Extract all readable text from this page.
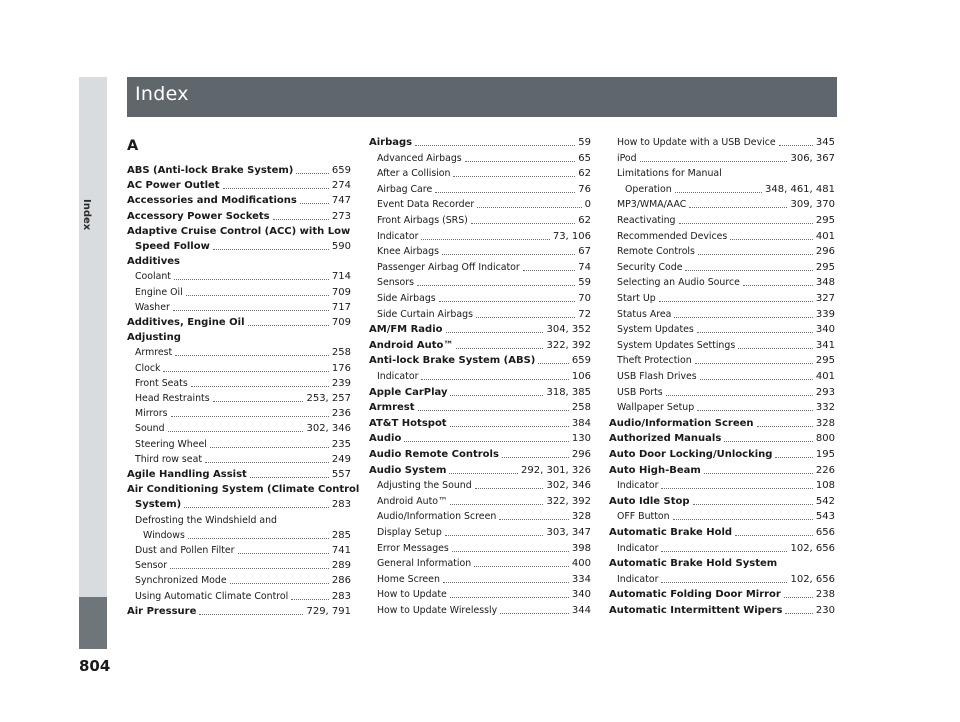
Index
Index
A
ABS (Anti-lock Brake System)	659
AC Power Outlet	274
Accessories and Modifications	747
Accessory Power Sockets	273
Adaptive Cruise Control (ACC) with Low
Speed Follow	590
Additives
Coolant	714
Engine Oil	709
Washer	717
Additives, Engine Oil	709
Adjusting
Armrest	258
Clock	176
Front Seats	239
Head Restraints	253, 257
Mirrors	236
Sound	302, 346
Steering Wheel	235
Third row seat	249
Agile Handling Assist	557
Air Conditioning System (Climate Control
System)	283
Defrosting the Windshield and
Windows	285
Dust and Pollen Filter	741
Sensor	289
Synchronized Mode	286
Using Automatic Climate Control	283
Air Pressure	729, 791
Airbags	59
Advanced Airbags	65
After a Collision	62
Airbag Care	76
Event Data Recorder	0
Front Airbags (SRS)	62
Indicator	73, 106
Knee Airbags	67
Passenger Airbag Off Indicator	74
Sensors	59
Side Airbags	70
Side Curtain Airbags	72
AM/FM Radio	304, 352
Android Auto™	322, 392
Anti-lock Brake System (ABS)	659
Indicator	106
Apple CarPlay	318, 385
Armrest	258
AT&T Hotspot	384
Audio	130
Audio Remote Controls	296
Audio System	292, 301, 326
Adjusting the Sound	302, 346
Android Auto™	322, 392
Audio/Information Screen	328
Display Setup	303, 347
Error Messages	398
General Information	400
Home Screen	334
How to Update	340
How to Update Wirelessly	344
How to Update with a USB Device	345
iPod	306, 367
Limitations for Manual
Operation	348, 461, 481
MP3/WMA/AAC	309, 370
Reactivating	295
Recommended Devices	401
Remote Controls	296
Security Code	295
Selecting an Audio Source	348
Start Up	327
Status Area	339
System Updates	340
System Updates Settings	341
Theft Protection	295
USB Flash Drives	401
USB Ports	293
Wallpaper Setup	332
Audio/Information Screen	328
Authorized Manuals	800
Auto Door Locking/Unlocking	195
Auto High-Beam	226
Indicator	108
Auto Idle Stop	542
OFF Button	543
Automatic Brake Hold	656
Indicator	102, 656
Automatic Brake Hold System
Indicator	102, 656
Automatic Folding Door Mirror	238
Automatic Intermittent Wipers	230
804
